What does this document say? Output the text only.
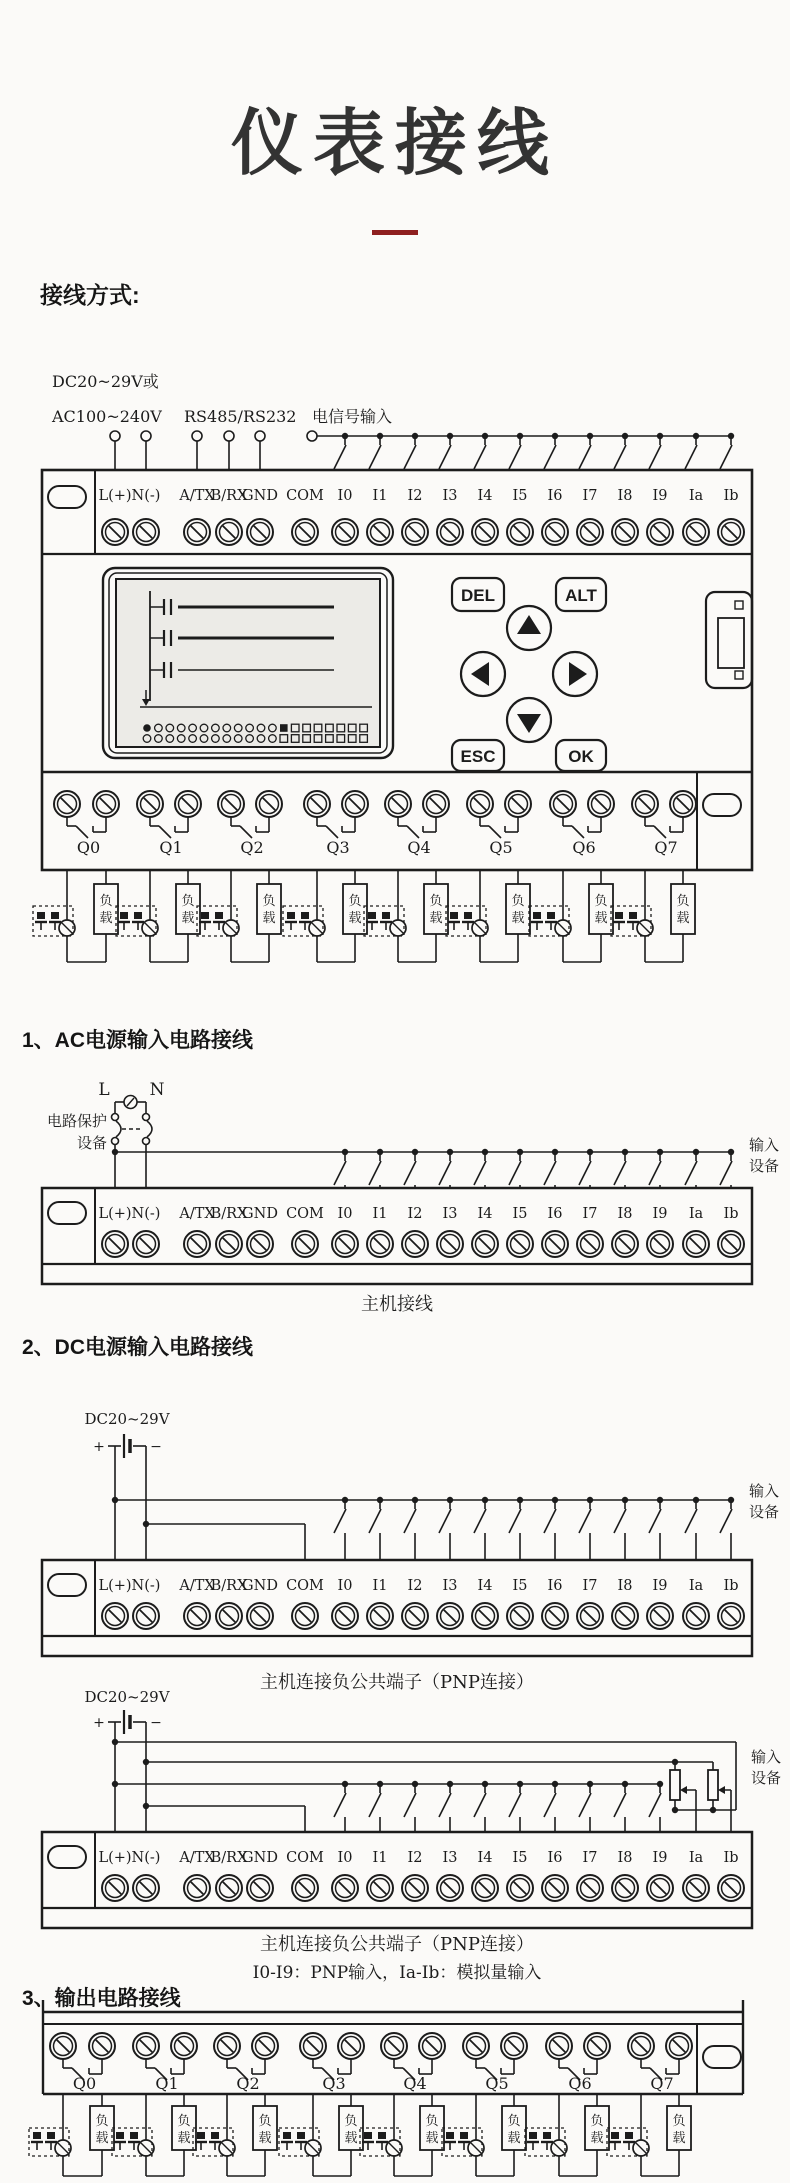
仪表接线
接线方式:
DC20~29V或
AC100~240V RS485/RS232 电信号输入
DEL	ALT
ESC	OK
1、AC电源输入电路接线
L N
电路保护
设备	输入
设备
主机接线
2、DC电源输入电路接线
DC20~29V
+	−
输入
设备
主机连接负公共端子（PNP连接）
DC20~29V
+	−
输入
设备
主机连接负公共端子（PNP连接）
I0-I9：PNP输入，Ia-Ib：模拟量输入
3、输出电路接线
L(+) N(-) A/TX
B/RX
GND COM I0 I1 I2 I3 I4 I5 I6 I7 I8 I9 Ia Ib
Q0	Q1	Q2	Q3	Q4	Q5	Q6	Q7
负
载
负
载
负
载
负
载
负
载
负
载
负
载
负
载
L(+) N(-) A/TX
B/RX
GND COM I0 I1 I2 I3 I4 I5 I6 I7 I8 I9 Ia Ib
L(+) N(-) A/TX
B/RX
GND COM I0 I1 I2 I3 I4 I5 I6 I7 I8 I9 Ia Ib
L(+) N(-) A/TX
B/RX
GND COM I0 I1 I2 I3 I4 I5 I6 I7 I8 I9 Ia Ib
Q0	Q1	Q2	Q3	Q4	Q5	Q6	Q7
负
载
负
载
负
载
负
载
负
载
负
载
负
载
负
载
